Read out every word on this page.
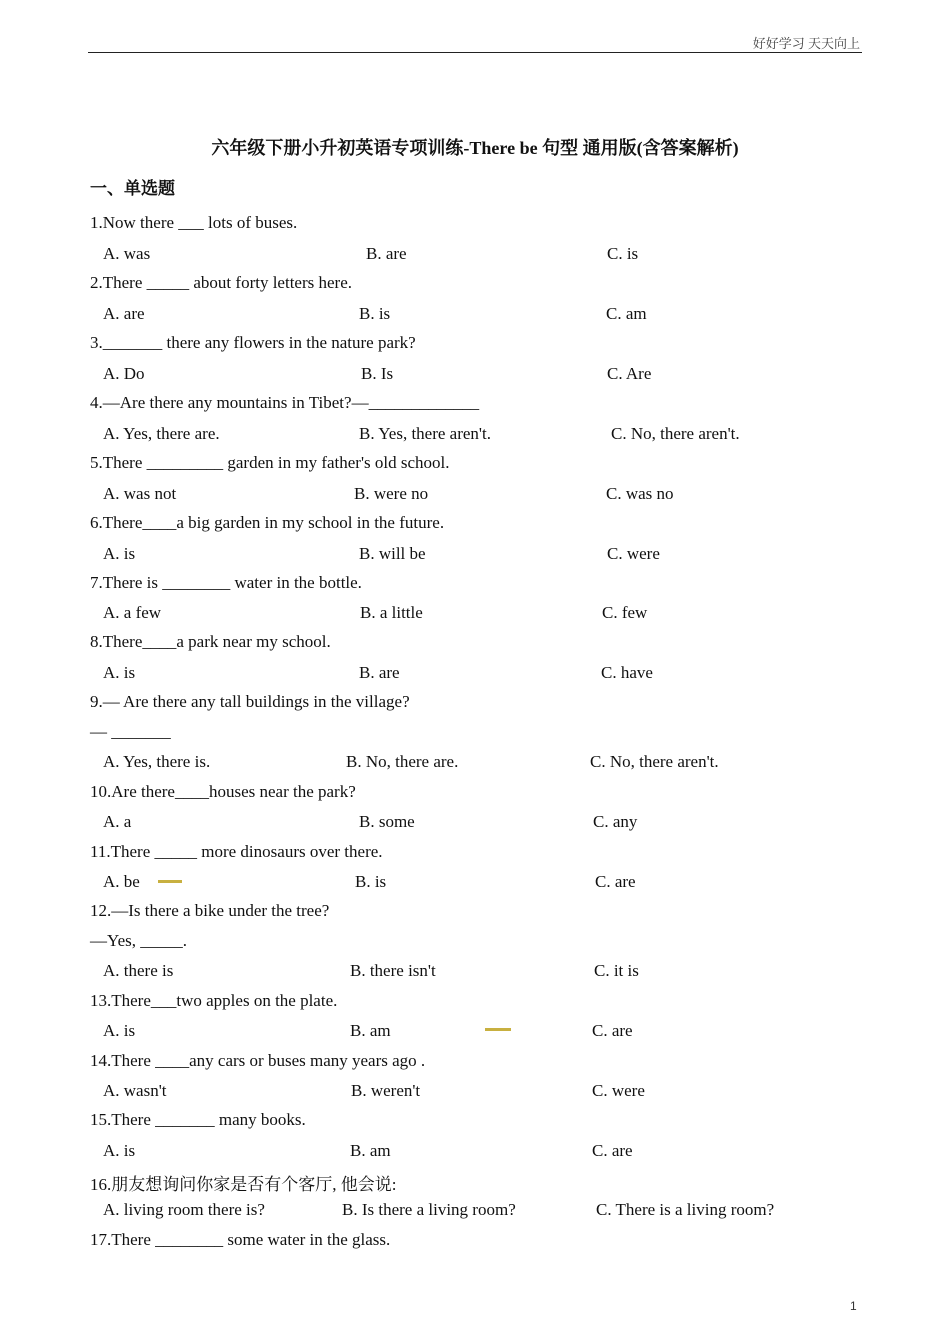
好好学习 天天向上
六年级下册小升初英语专项训练-There be 句型 通用版(含答案解析)
一、单选题
1.Now there ___ lots of buses.
A. was	B. are	C. is
2.There _____ about forty letters here.
A. are	B. is	C. am
3._______ there any flowers in the nature park?
A. Do	B. Is	C. Are
4.—Are there any mountains in Tibet?—_____________
A. Yes, there are.	B. Yes, there aren't.	C. No, there aren't.
5.There _________ garden in my father's old school.
A. was not	B. were no	C. was no
6.There____a big garden in my school in the future.
A. is	B. will be	C. were
7.There is ________ water in the bottle.
A. a few	B. a little	C. few
8.There____a park near my school.
A. is	B. are	C. have
9.— Are there any tall buildings in the village?
— _______
A. Yes, there is.	B. No, there are.	C. No, there aren't.
10.Are there____houses near the park?
A. a	B. some	C. any
11.There _____ more dinosaurs over there.
A. be	B. is	C. are
12.—Is there a bike under the tree?
—Yes, _____.
A. there is	B. there isn't	C. it is
13.There___two apples on the plate.
A. is	B. am	C. are
14.There ____any cars or buses many years ago .
A. wasn't	B. weren't	C. were
15.There _______ many books.
A. is	B. am	C. are
16.朋友想询问你家是否有个客厅, 他会说:
A. living room there is?	B. Is there a living room?	C. There is a living room?
17.There ________ some water in the glass.
1
